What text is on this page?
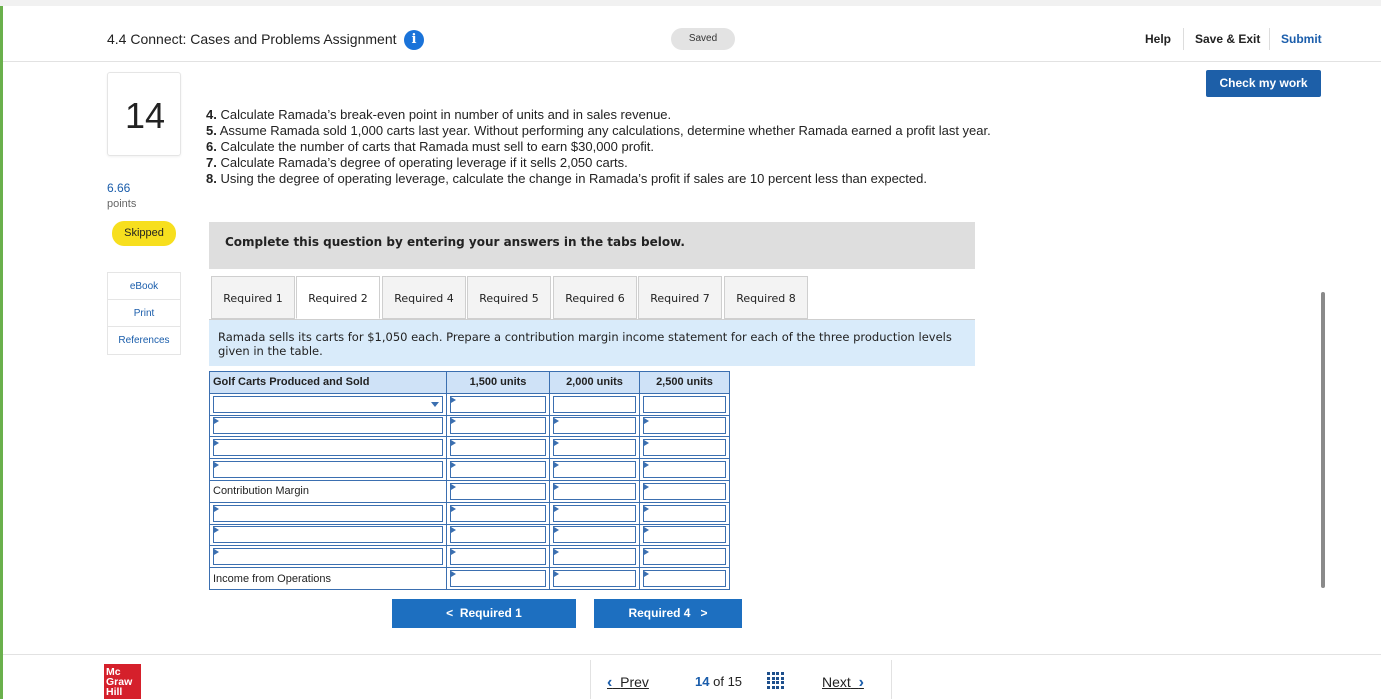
4.4 Connect: Cases and Problems Assignment	i	Saved	Help Save & Exit Submit
Check my work
14
6.66
points
Skipped
eBook
Print
References

4. Calculate Ramada’s break-even point in number of units and in sales revenue.

5. Assume Ramada sold 1,000 carts last year. Without performing any calculations, determine whether Ramada earned a profit last year.

6. Calculate the number of carts that Ramada must sell to earn $30,000 profit.

7. Calculate Ramada’s degree of operating leverage if it sells 2,050 carts.

8. Using the degree of operating leverage, calculate the change in Ramada’s profit if sales are 10 percent less than expected.

Complete this question by entering your answers in the tabs below.
Required 1	Required 2	Required 4	Required 5	Required 6	Required 7	Required 8
Ramada sells its carts for $1,050 each. Prepare a contribution margin income statement for each of the three production levels given in the table.
Golf Carts Produced and Sold	1,500 units	2,000 units	2,500 units

Contribution Margin	

Income from Operations	

< Required 1	Required 4 >
Mc
Graw
Hill
‹ Prev	14 of 15	Next ›
